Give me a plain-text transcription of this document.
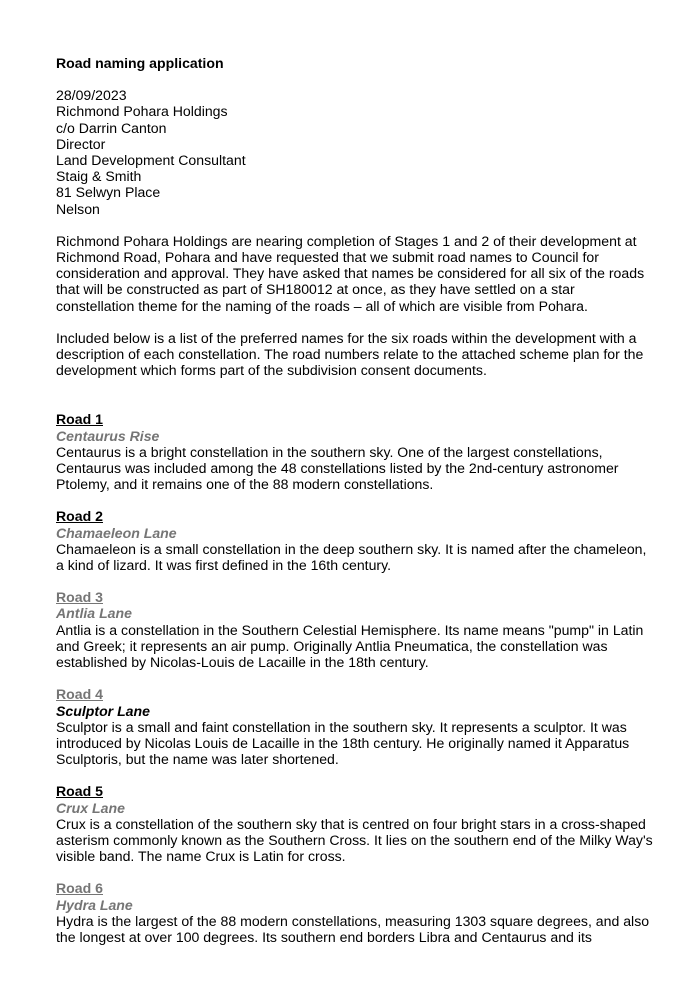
Road naming application
28/09/2023
Richmond Pohara Holdings
c/o Darrin Canton
Director
Land Development Consultant
Staig & Smith
81 Selwyn Place
Nelson

Richmond Pohara Holdings are nearing completion of Stages 1 and 2 of their development at Richmond Road, Pohara and have requested that we submit road names to Council for consideration and approval. They have asked that names be considered for all six of the roads that will be constructed as part of SH180012 at once, as they have settled on a star constellation theme for the naming of the roads – all of which are visible from Pohara.

Included below is a list of the preferred names for the six roads within the development with a description of each constellation. The road numbers relate to the attached scheme plan for the development which forms part of the subdivision consent documents.

Road 1
Centaurus Rise
Centaurus is a bright constellation in the southern sky. One of the largest constellations, Centaurus was included among the 48 constellations listed by the 2nd-century astronomer Ptolemy, and it remains one of the 88 modern constellations.
Road 2
Chamaeleon Lane
Chamaeleon is a small constellation in the deep southern sky. It is named after the chameleon, a kind of lizard. It was first defined in the 16th century.
Road 3
Antlia Lane
Antlia is a constellation in the Southern Celestial Hemisphere. Its name means "pump" in Latin and Greek; it represents an air pump. Originally Antlia Pneumatica, the constellation was established by Nicolas-Louis de Lacaille in the 18th century.
Road 4
Sculptor Lane
Sculptor is a small and faint constellation in the southern sky. It represents a sculptor. It was introduced by Nicolas Louis de Lacaille in the 18th century. He originally named it Apparatus Sculptoris, but the name was later shortened.
Road 5
Crux Lane
Crux is a constellation of the southern sky that is centred on four bright stars in a cross-shaped asterism commonly known as the Southern Cross. It lies on the southern end of the Milky Way's visible band. The name Crux is Latin for cross.
Road 6
Hydra Lane
Hydra is the largest of the 88 modern constellations, measuring 1303 square degrees, and also the longest at over 100 degrees. Its southern end borders Libra and Centaurus and its
